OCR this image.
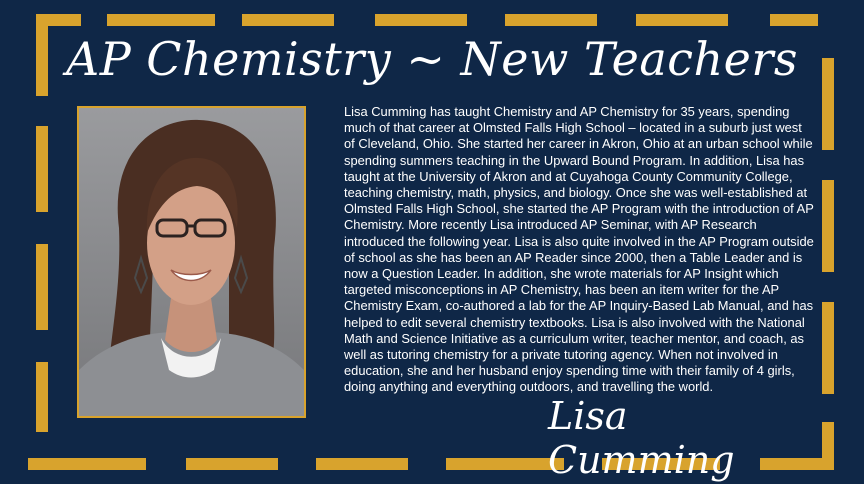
AP Chemistry ~ New Teachers

Lisa Cumming has taught Chemistry and AP Chemistry for 35 years, spending much of that career at Olmsted Falls High School – located in a suburb just west of Cleveland, Ohio. She started her career in Akron, Ohio at an urban school while spending summers teaching in the Upward Bound Program. In addition, Lisa has taught at the University of Akron and at Cuyahoga County Community College, teaching chemistry, math, physics, and biology. Once she was well-established at Olmsted Falls High School, she started the AP Program with the introduction of AP Chemistry. More recently Lisa introduced AP Seminar, with AP Research introduced the following year. Lisa is also quite involved in the AP Program outside of school as she has been an AP Reader since 2000, then a Table Leader and is now a Question Leader. In addition, she wrote materials for AP Insight which targeted misconceptions in AP Chemistry, has been an item writer for the AP Chemistry Exam, co-authored a lab for the AP Inquiry-Based Lab Manual, and has helped to edit several chemistry textbooks. Lisa is also involved with the National Math and Science Initiative as a curriculum writer, teacher mentor, and coach, as well as tutoring chemistry for a private tutoring agency. When not involved in education, she and her husband enjoy spending time with their family of 4 girls, doing anything and everything outdoors, and travelling the world.

Lisa Cumming
